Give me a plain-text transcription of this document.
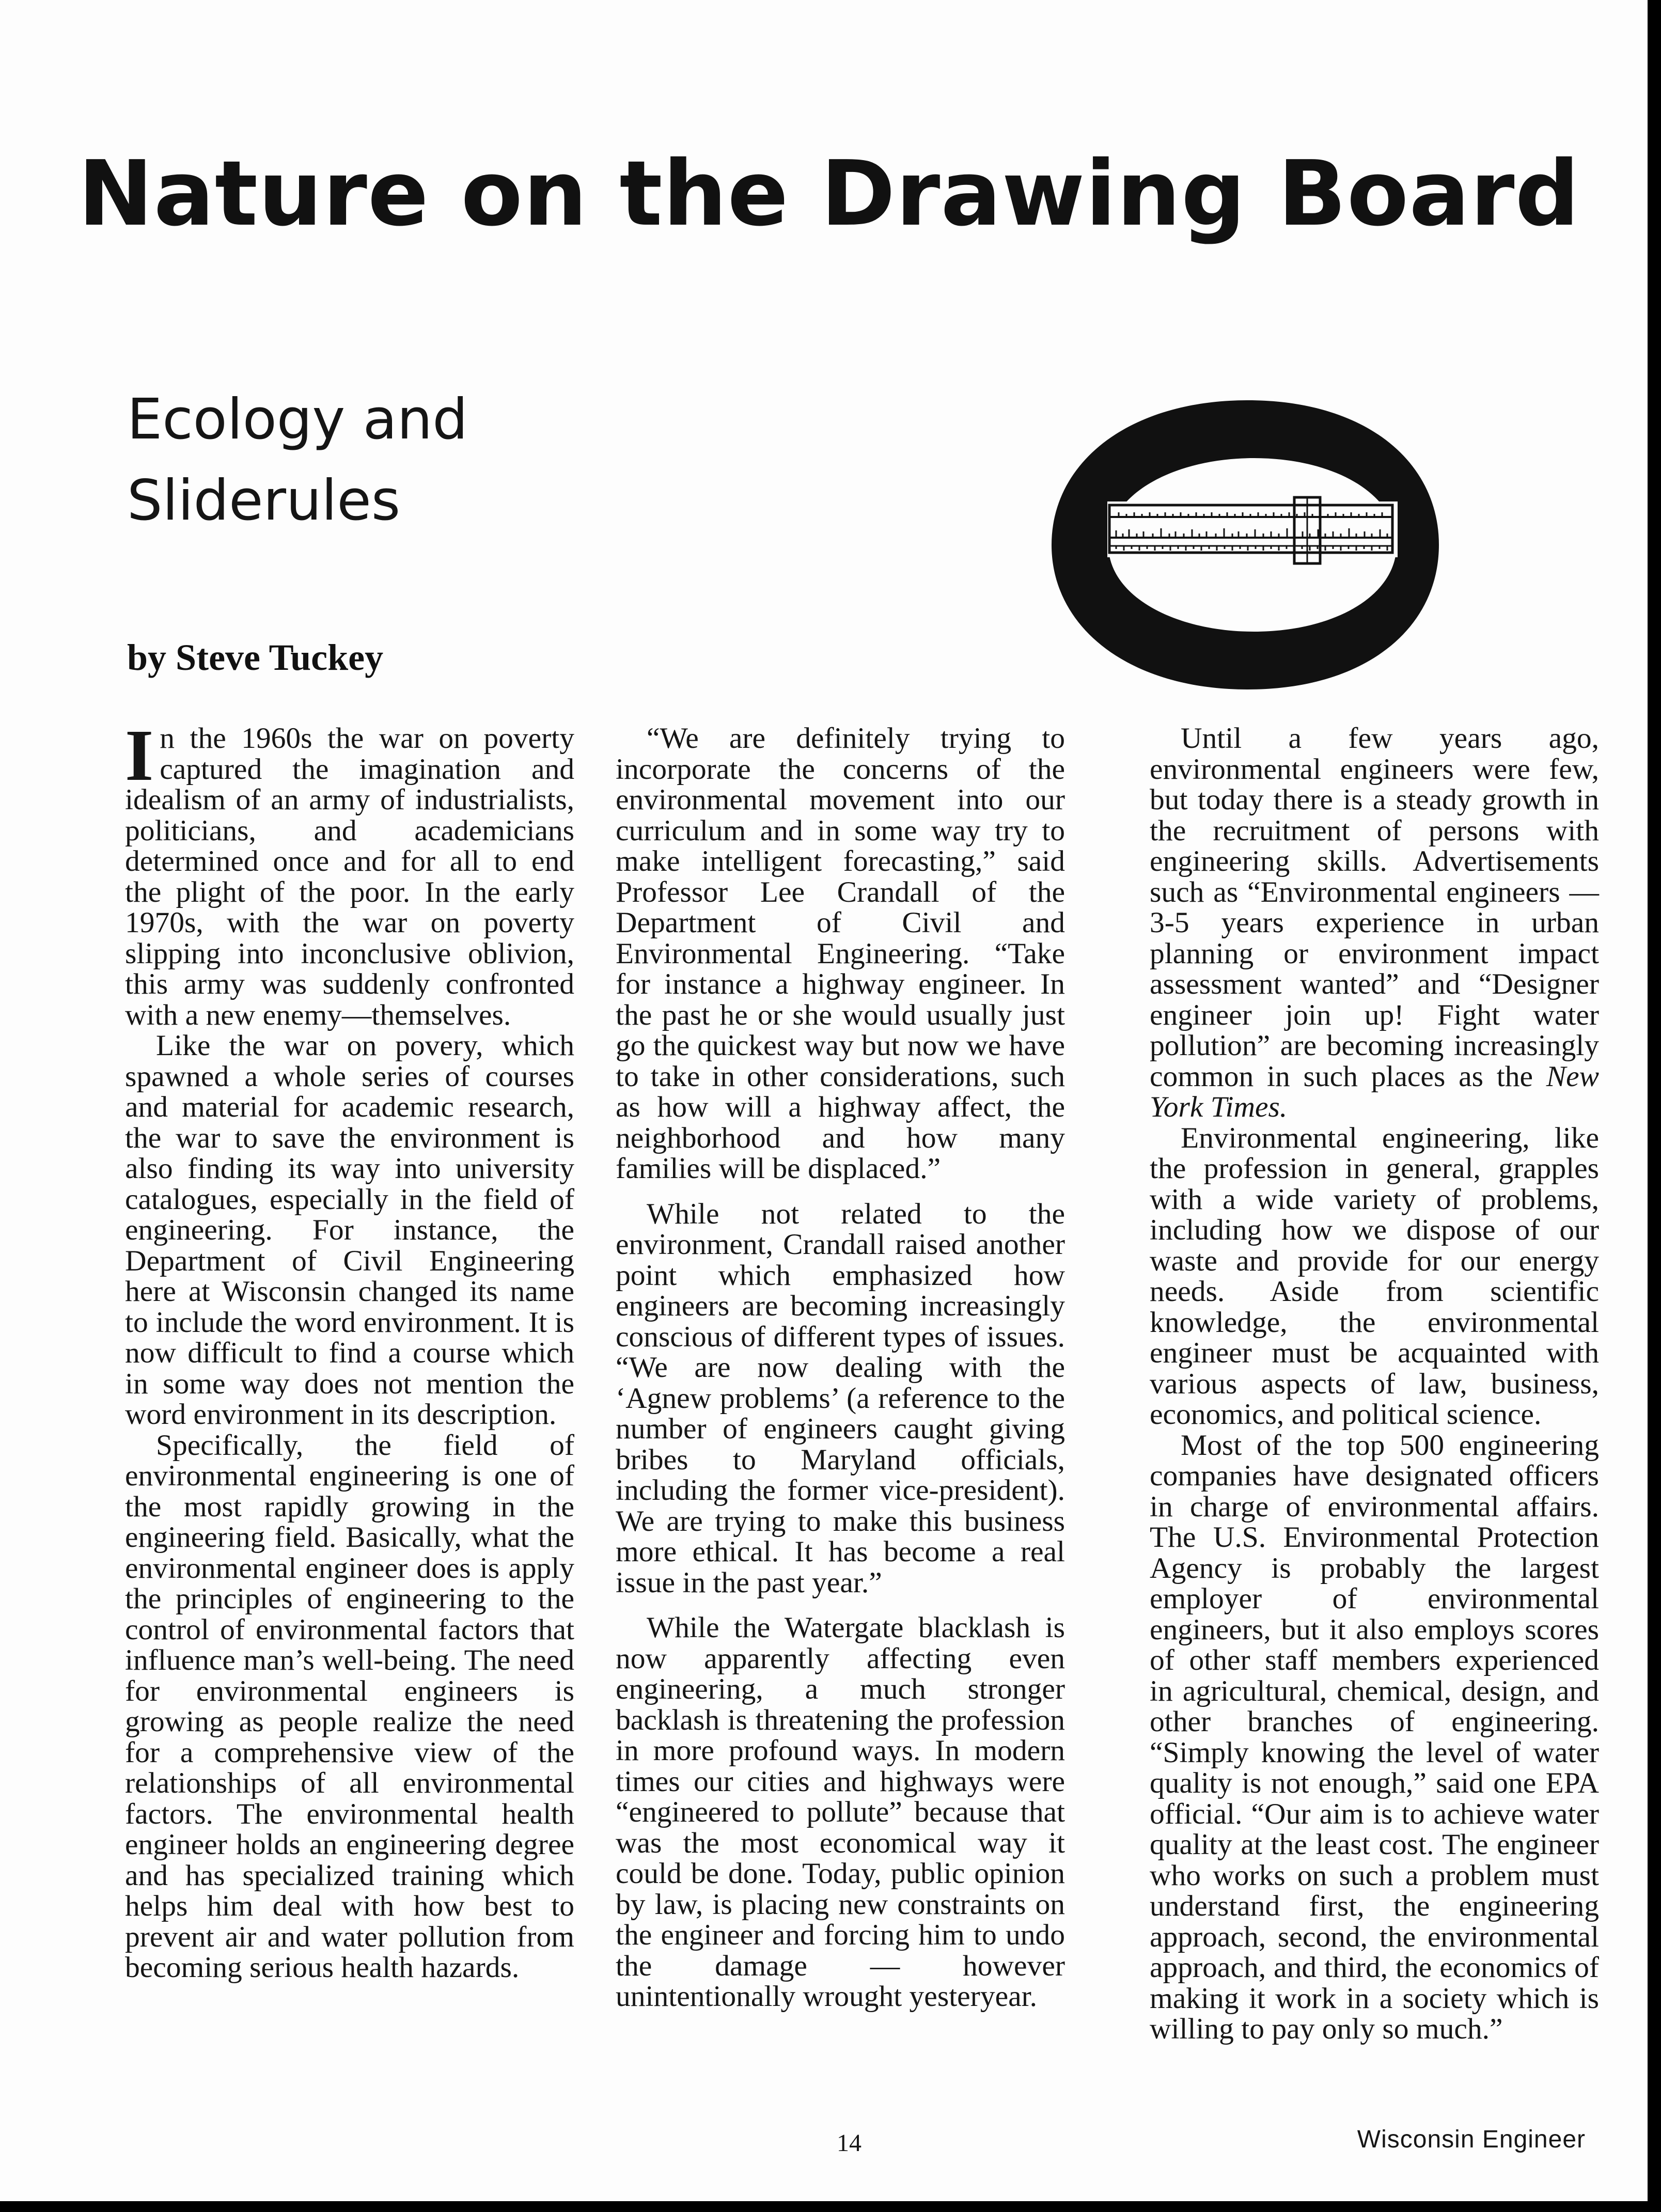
Nature on the Drawing Board
Ecology and
Sliderules
by Steve Tuckey

In the 1960s the war on poverty captured the imagination and idealism of an army of industrialists, politicians, and academicians determined once and for all to end the plight of the poor. In the early 1970s, with the war on poverty slipping into inconclusive oblivion, this army was suddenly confronted with a new enemy—themselves.

Like the war on povery, which spawned a whole series of courses and material for academic research, the war to save the environment is also finding its way into university catalogues, especially in the field of engineering. For instance, the Department of Civil Engineering here at Wisconsin changed its name to include the word environment. It is now difficult to find a course which in some way does not mention the word environment in its description.

Specifically, the field of environmental engineering is one of the most rapidly growing in the engineering field. Basically, what the environmental engineer does is apply the principles of engineering to the control of environmental factors that influence man’s well-being. The need for environmental engineers is growing as people realize the need for a comprehensive view of the relationships of all environmental factors. The environmental health engineer holds an engineering degree and has specialized training which helps him deal with how best to prevent air and water pollution from becoming serious health hazards.

“We are definitely trying to incorporate the concerns of the environmental movement into our curriculum and in some way try to make intelligent forecasting,” said Professor Lee Crandall of the Department of Civil and Environmental Engineering. “Take for instance a highway engineer. In the past he or she would usually just go the quickest way but now we have to take in other considerations, such as how will a highway affect, the neighborhood and how many families will be displaced.”

While not related to the environment, Crandall raised another point which emphasized how engineers are becoming increasingly conscious of different types of issues. “We are now dealing with the ‘Agnew problems’ (a reference to the number of engineers caught giving bribes to Maryland officials, including the former vice-president). We are trying to make this business more ethical. It has become a real issue in the past year.”

While the Watergate blacklash is now apparently affecting even engineering, a much stronger backlash is threatening the profession in more profound ways. In modern times our cities and highways were “engineered to pollute” because that was the most economical way it could be done. Today, public opinion by law, is placing new constraints on the engineer and forcing him to undo the damage — however unintentionally wrought yesteryear.

Until a few years ago, environmental engineers were few, but today there is a steady growth in the recruitment of persons with engineering skills. Advertisements such as “Environmental engineers — 3-5 years experience in urban planning or environment impact assessment wanted” and “Designer engineer join up! Fight water pollution” are becoming increasingly common in such places as the New York Times.

Environmental engineering, like the profession in general, grapples with a wide variety of problems, including how we dispose of our waste and provide for our energy needs. Aside from scientific knowledge, the environmental engineer must be acquainted with various aspects of law, business, economics, and political science.

Most of the top 500 engineering companies have designated officers in charge of environmental affairs. The U.S. Environmental Protection Agency is probably the largest employer of environmental engineers, but it also employs scores of other staff members experienced in agricultural, chemical, design, and other branches of engineering. “Simply knowing the level of water quality is not enough,” said one EPA official. “Our aim is to achieve water quality at the least cost. The engineer who works on such a problem must understand first, the engineering approach, second, the environmental approach, and third, the economics of making it work in a society which is willing to pay only so much.”

14	Wisconsin Engineer
